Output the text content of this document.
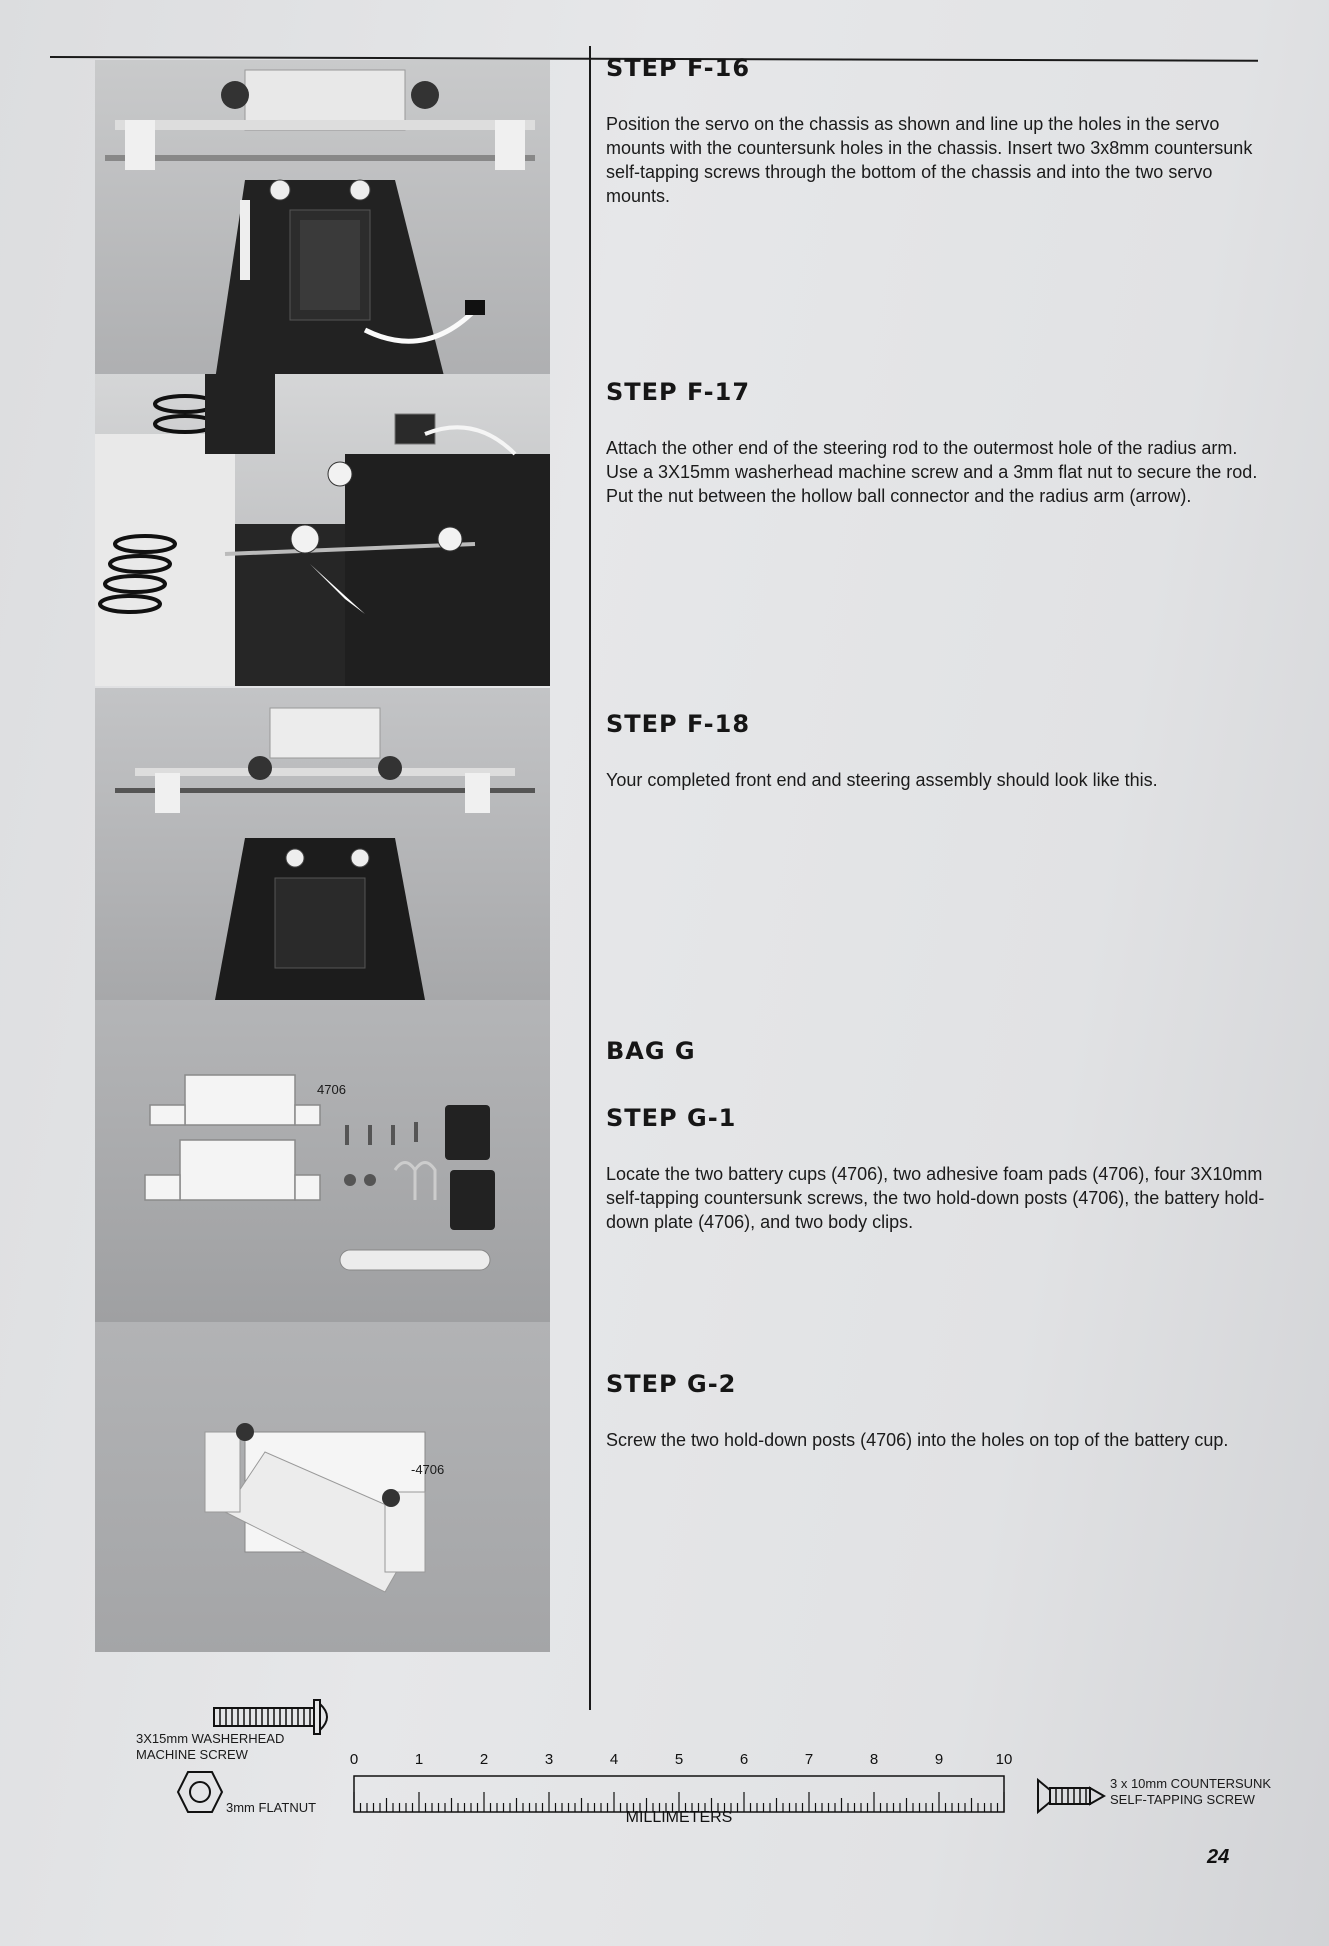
4706
-4706
STEP F-16

Position the servo on the chassis as shown and line up the holes in the servo mounts with the countersunk holes in the chassis. Insert two 3x8mm countersunk self-tapping screws through the bottom of the chassis and into the two servo mounts.

STEP F-17

Attach the other end of the steering rod to the outermost hole of the radius arm. Use a 3X15mm washerhead machine screw and a 3mm flat nut to secure the rod. Put the nut between the hollow ball connector and the radius arm (arrow).

STEP F-18

Your completed front end and steering assembly should look like this.

BAG G
STEP G-1

Locate the two battery cups (4706), two adhesive foam pads (4706), four 3X10mm self-tapping countersunk screws, the two hold-down posts (4706), the battery hold-down plate (4706), and two body clips.

STEP G-2

Screw the two hold-down posts (4706) into the holes on top of the battery cup.

3X15mm WASHERHEAD
MACHINE SCREW
3mm FLATNUT
0	1	2	3	4	5	6	7	8	9	10
MILLIMETERS
3 x 10mm COUNTERSUNK
SELF-TAPPING SCREW
24
